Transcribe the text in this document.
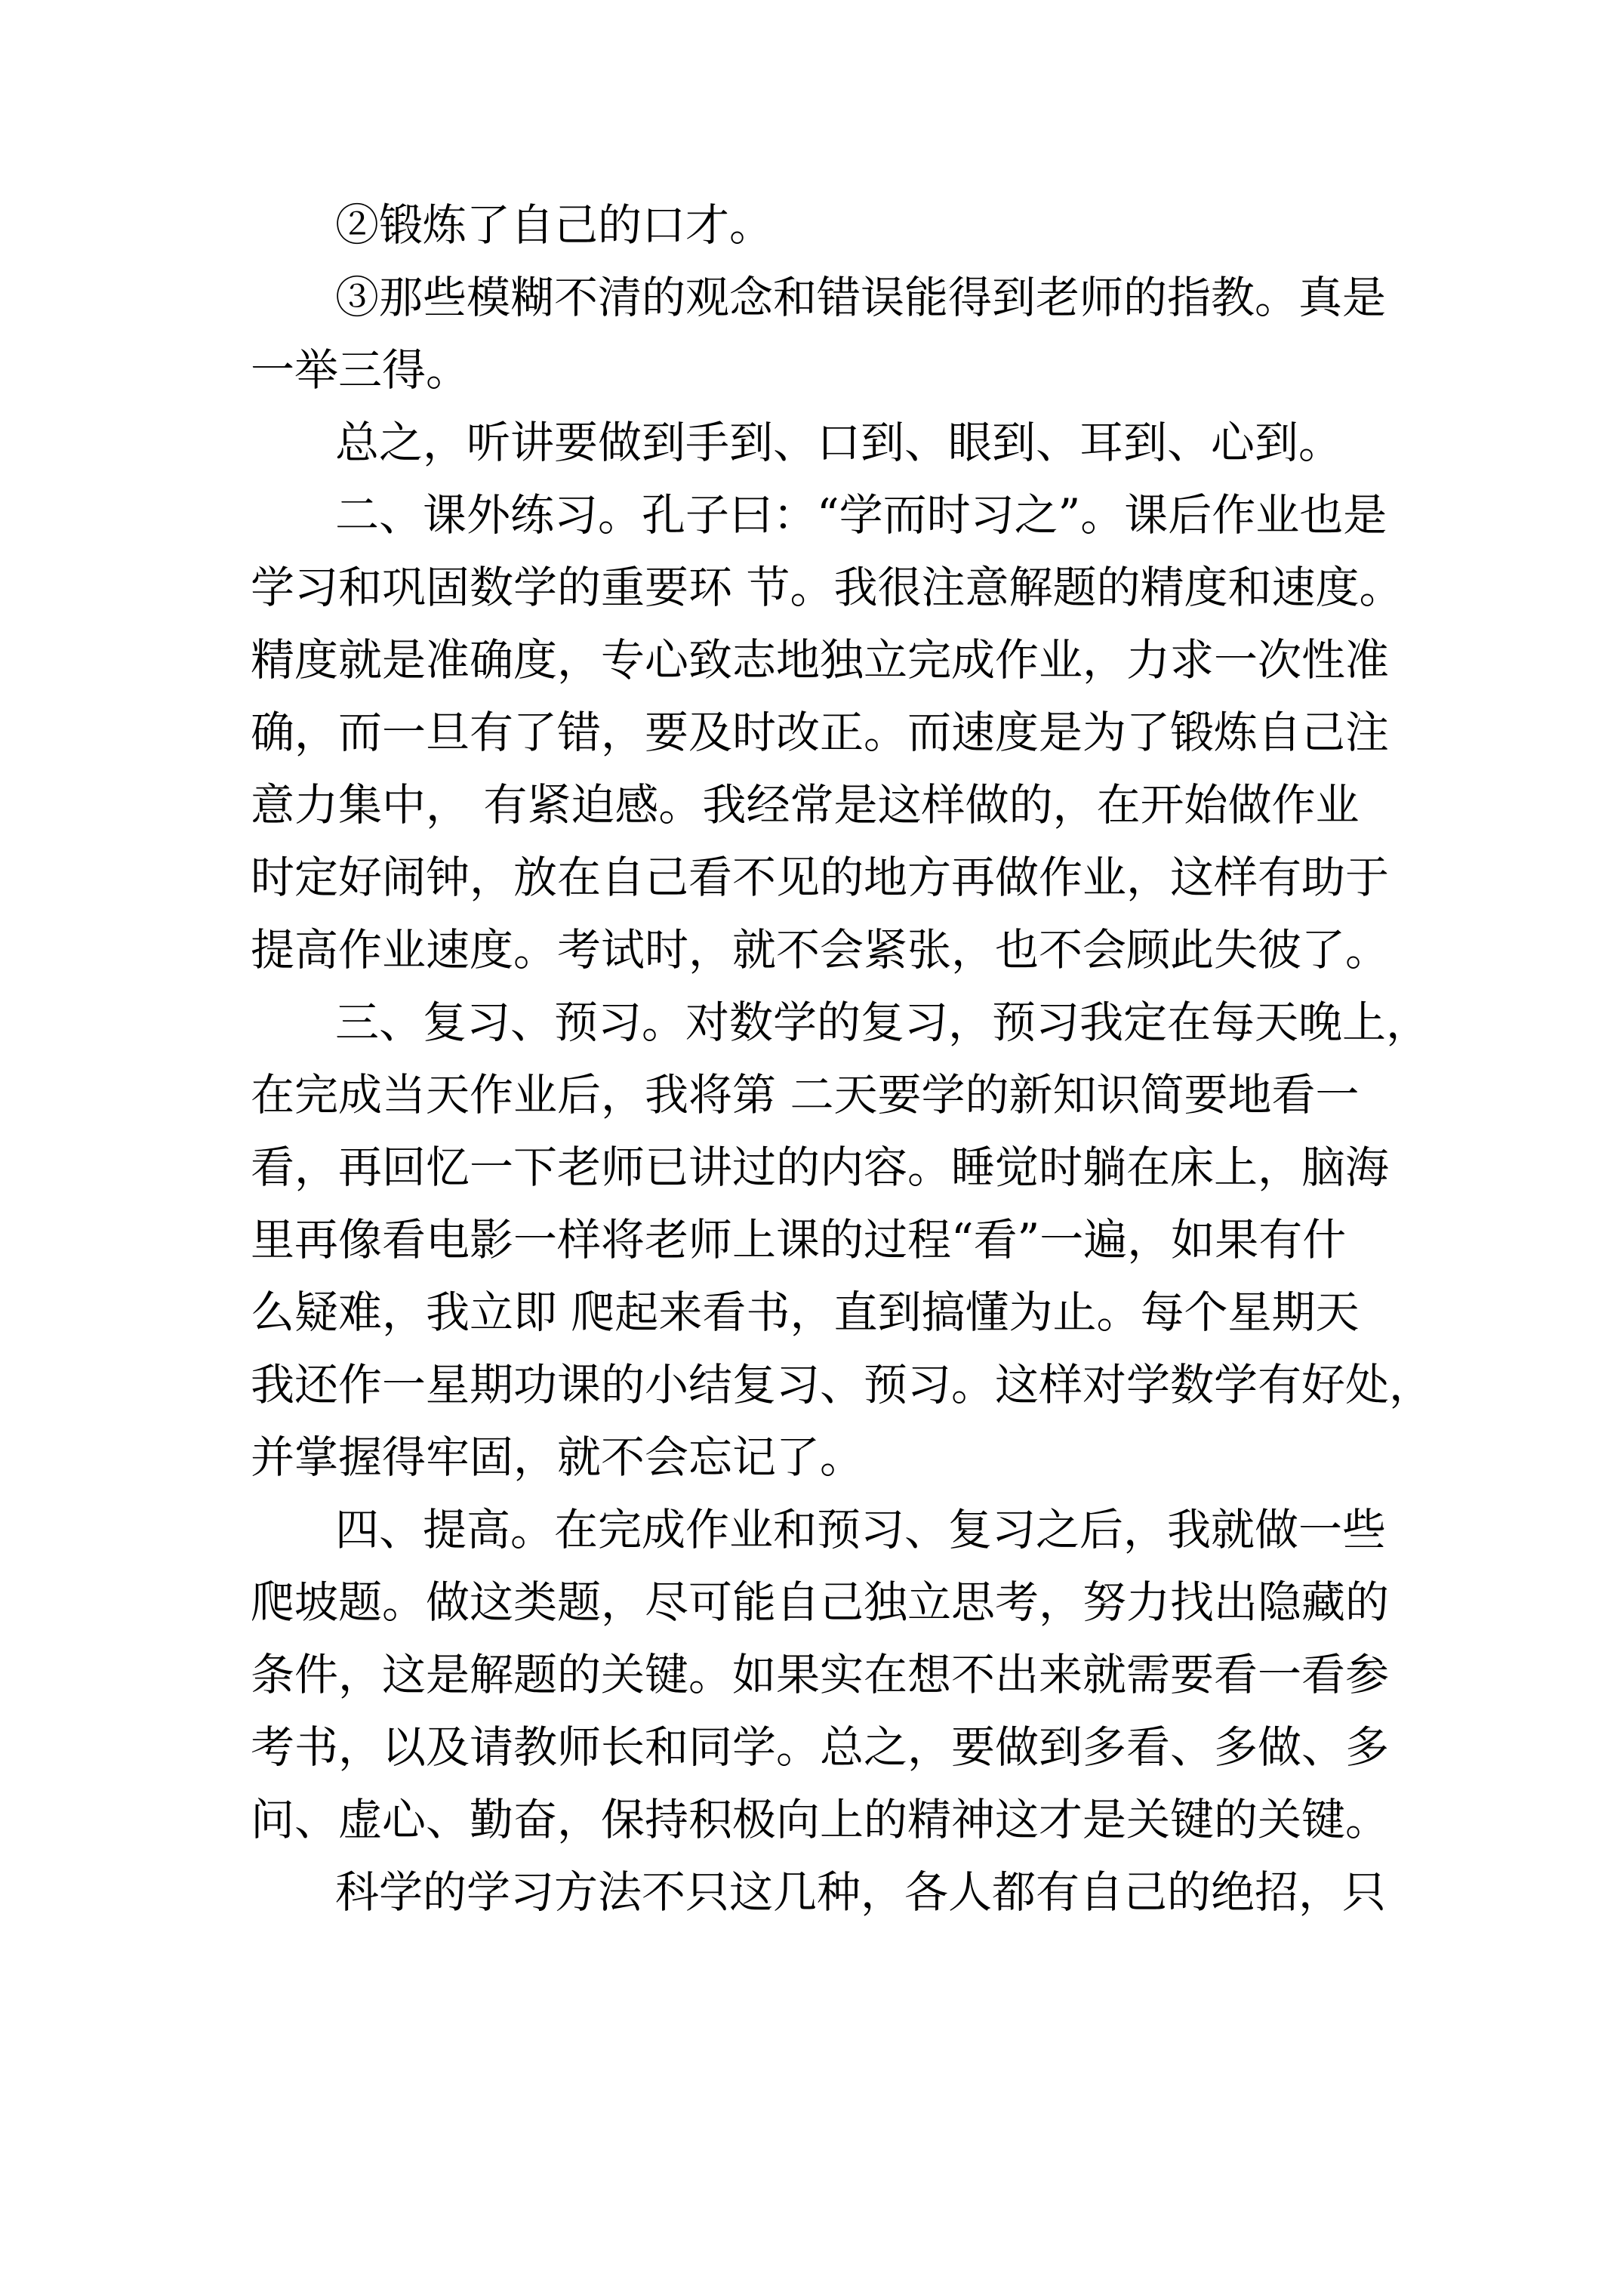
②锻炼了自己的口才。
③那些模糊不清的观念和错误能得到老师的指教。真是
一举三得。
总之，听讲要做到手到、口到、眼到、耳到、心到。
二、课外练习。孔子曰：“学而时习之”。课后作业也是
学习和巩固数学的重要环 节。我很注意解题的精度和速度。
精度就是准确度，专心致志地独立完成作业，力求一次性准
确，而一旦有了错，要及时改正。而速度是为了锻炼自己注
意力集中， 有紧迫感。我经常是这样做的，在开始做作业
时定好闹钟，放在自己看不见的地方再做作业，这样有助于
提高作业速度。考试时，就不会紧张，也不会顾此失彼了。
三、复习、预习。对数学的复习，预习我定在每天晚上，
在完成当天作业后，我将第 二天要学的新知识简要地看一
看，再回忆一下老师已讲过的内容。睡觉时躺在床上，脑海
里再像看电影一样将老师上课的过程“看”一遍，如果有什
么疑难，我立即 爬起来看书，直到搞懂为止。每个星期天
我还作一星期功课的小结复习、预习。这样对学数学有好处，
并掌握得牢固，就不会忘记了。
四、提高。在完成作业和预习、复习之后，我就做一些
爬坡题。做这类题，尽可能自己独立思考，努力找出隐藏的
条件，这是解题的关键。如果实在想不出来就需要看一看参
考书，以及请教师长和同学。总之，要做到多看、多做、多
问、虚心、勤奋，保持积极向上的精神这才是关键的关键。
科学的学习方法不只这几种，各人都有自己的绝招，只
